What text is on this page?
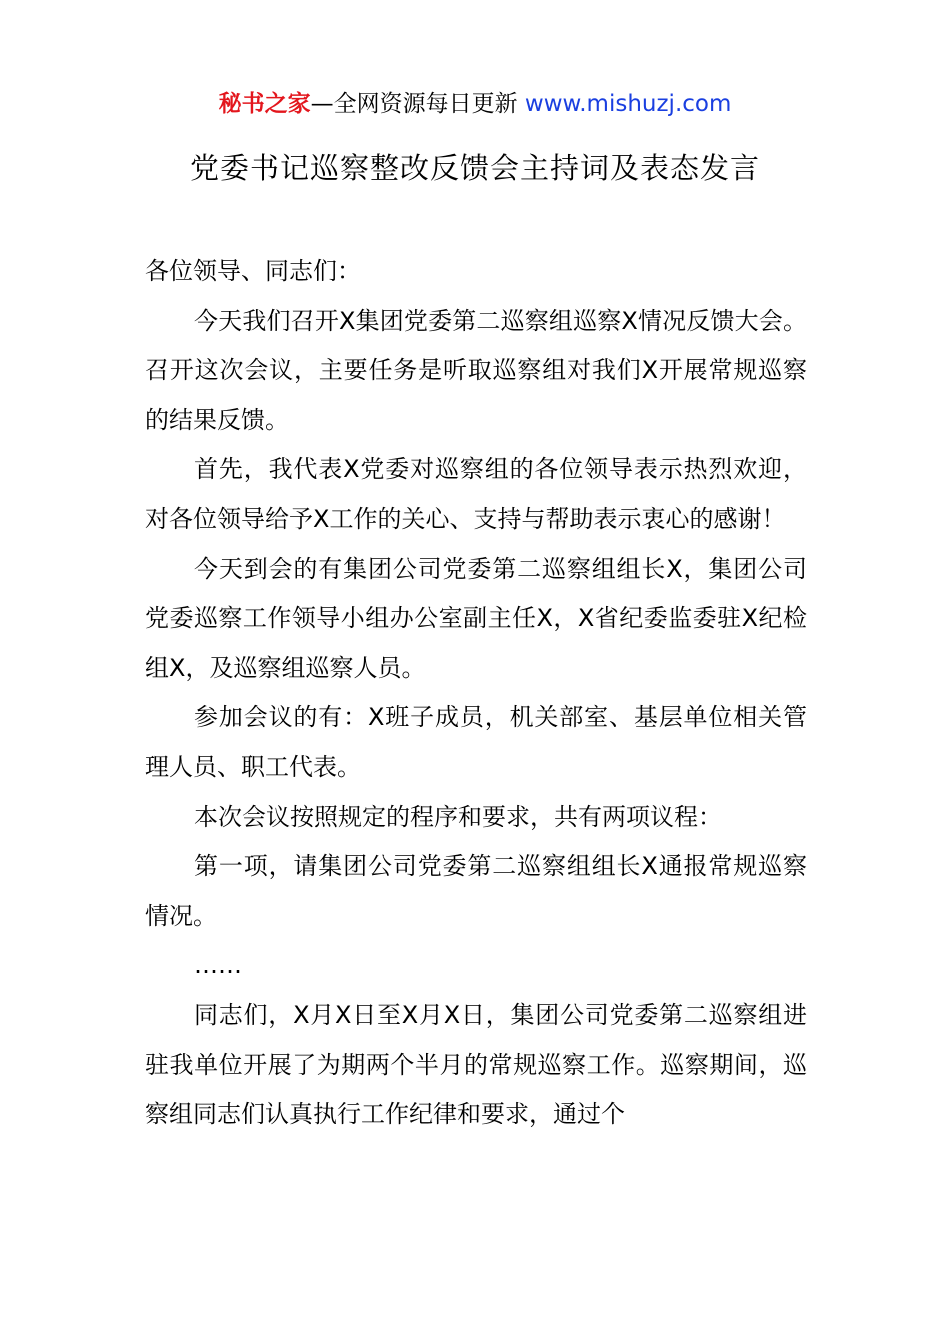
秘书之家—全网资源每日更新 www.mishuzj.com
党委书记巡察整改反馈会主持词及表态发言

各位领导、同志们：

今天我们召开X集团党委第二巡察组巡察X情况反馈大会。召开这次会议，主要任务是听取巡察组对我们X开展常规巡察的结果反馈。

首先，我代表X党委对巡察组的各位领导表示热烈欢迎，对各位领导给予X工作的关心、支持与帮助表示衷心的感谢！

今天到会的有集团公司党委第二巡察组组长X，集团公司党委巡察工作领导小组办公室副主任X，X省纪委监委驻X纪检组X，及巡察组巡察人员。

参加会议的有：X班子成员，机关部室、基层单位相关管理人员、职工代表。

本次会议按照规定的程序和要求，共有两项议程：

第一项，请集团公司党委第二巡察组组长X通报常规巡察情况。

……

同志们，X月X日至X月X日，集团公司党委第二巡察组进驻我单位开展了为期两个半月的常规巡察工作。巡察期间，巡察组同志们认真执行工作纪律和要求，通过个
